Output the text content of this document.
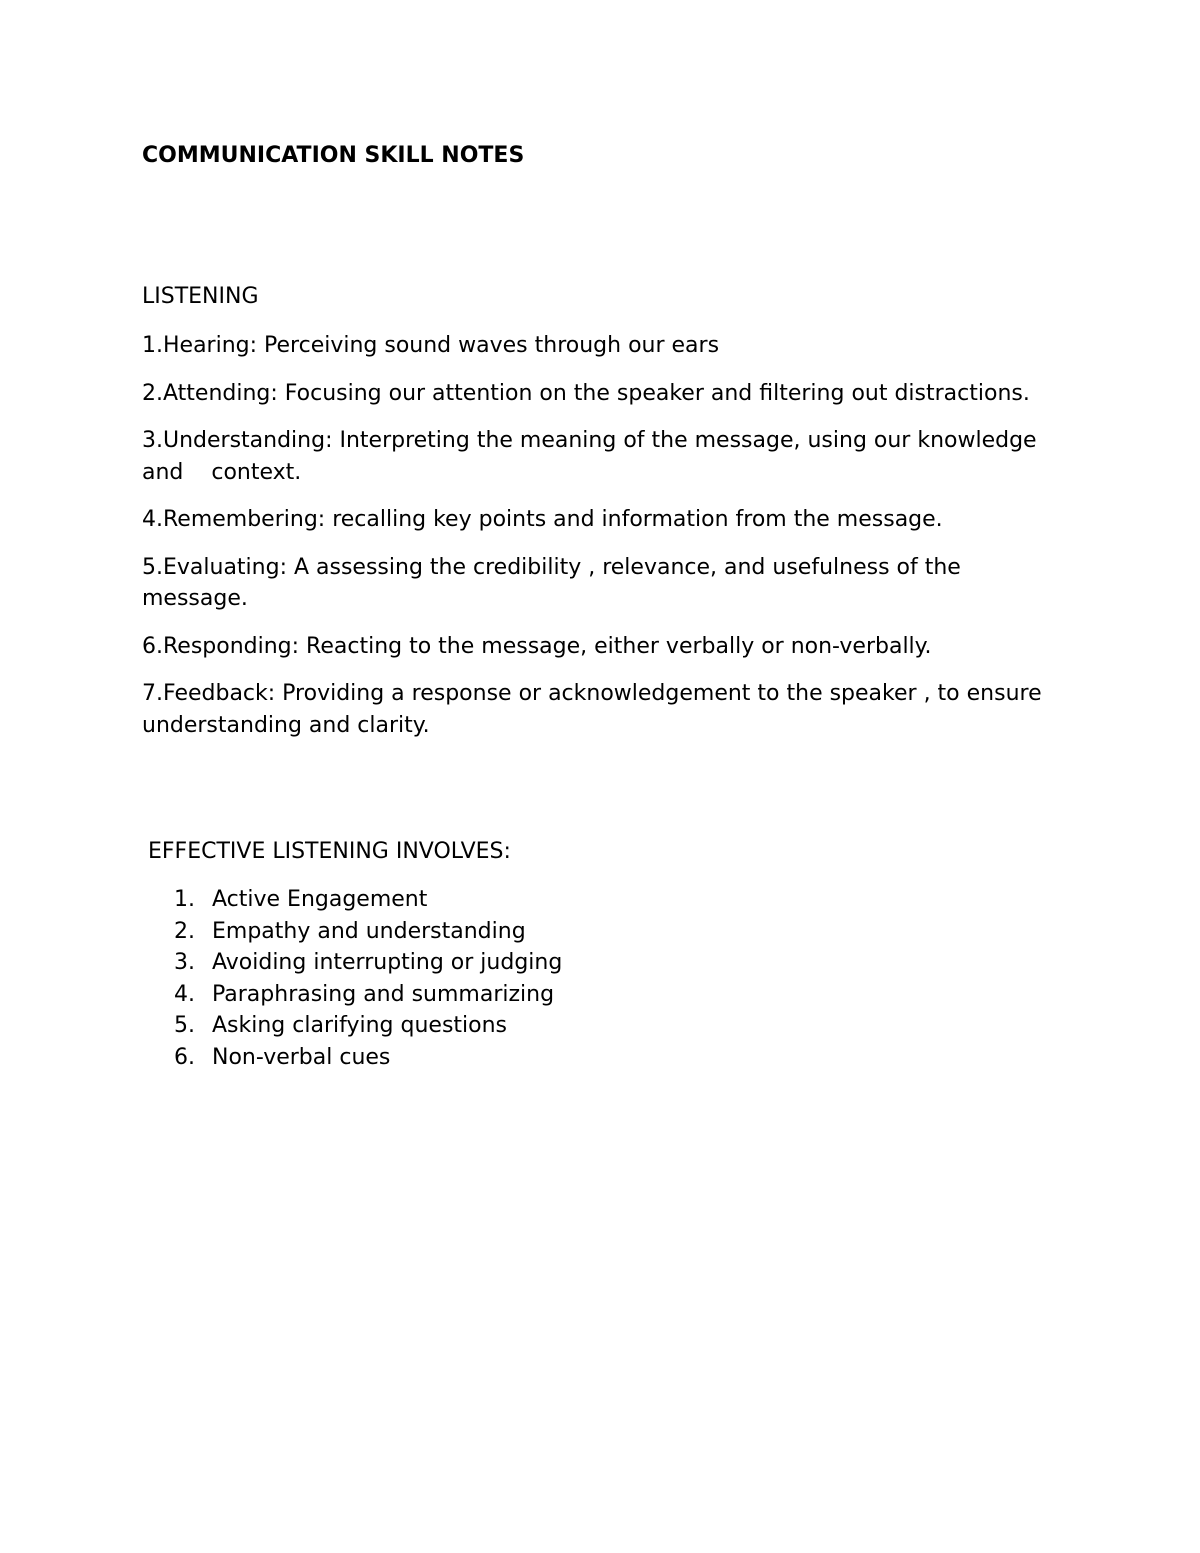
COMMUNICATION SKILL NOTES
LISTENING

1.Hearing: Perceiving sound waves through our ears

2.Attending: Focusing our attention on the speaker and filtering out distractions.

3.Understanding: Interpreting the meaning of the message, using our knowledge and    context.

4.Remembering: recalling key points and information from the message.

5.Evaluating: A assessing the credibility , relevance, and usefulness of the message.

6.Responding: Reacting to the message, either verbally or non-verbally.

7.Feedback: Providing a response or acknowledgement to the speaker , to ensure understanding and clarity.

EFFECTIVE LISTENING INVOLVES:
1. Active Engagement
2. Empathy and understanding
3. Avoiding interrupting or judging
4. Paraphrasing and summarizing
5. Asking clarifying questions
6. Non-verbal cues
